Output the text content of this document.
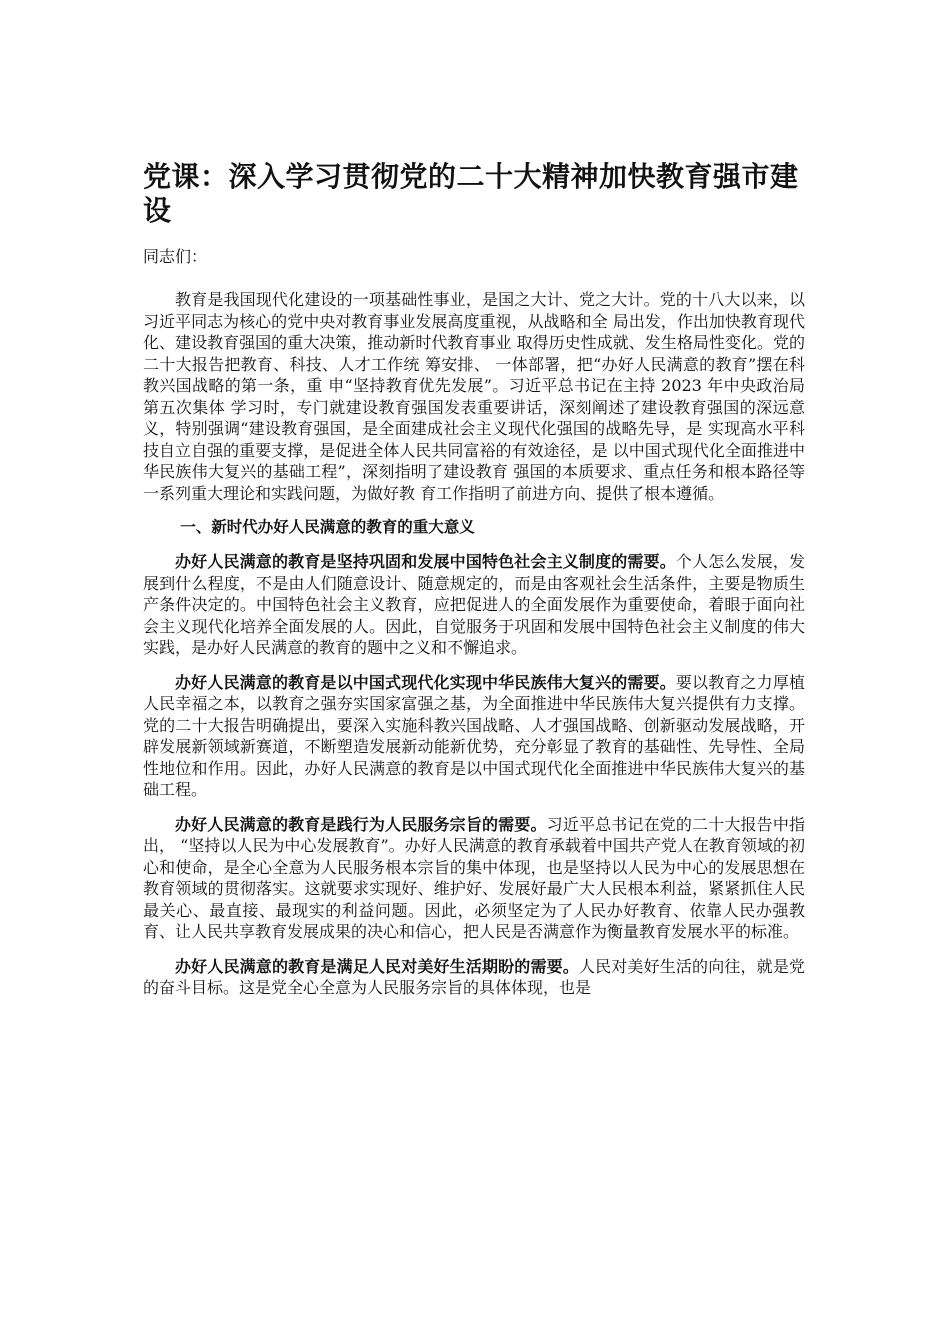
党课：深入学习贯彻党的二十大精神加快教育强市建设
同志们：

教育是我国现代化建设的一项基础性事业，是国之大计、党之大计。党的十八大以来，以习近平同志为核心的党中央对教育事业发展高度重视，从战略和全 局出发，作出加快教育现代化、建设教育强国的重大决策，推动新时代教育事业 取得历史性成就、发生格局性变化。党的二十大报告把教育、科技、人才工作统 筹安排、 一体部署，把“办好人民满意的教育”摆在科教兴国战略的第一条，重 申“坚持教育优先发展”。习近平总书记在主持 2023 年中央政治局第五次集体 学习时，专门就建设教育强国发表重要讲话，深刻阐述了建设教育强国的深远意 义，特别强调“建设教育强国，是全面建成社会主义现代化强国的战略先导，是 实现高水平科技自立自强的重要支撑，是促进全体人民共同富裕的有效途径，是 以中国式现代化全面推进中华民族伟大复兴的基础工程”，深刻指明了建设教育 强国的本质要求、重点任务和根本路径等一系列重大理论和实践问题，为做好教 育工作指明了前进方向、提供了根本遵循。

一、新时代办好人民满意的教育的重大意义

办好人民满意的教育是坚持巩固和发展中国特色社会主义制度的需要。个人怎么发展，发展到什么程度，不是由人们随意设计、随意规定的，而是由客观社会生活条件，主要是物质生产条件决定的。中国特色社会主义教育，应把促进人的全面发展作为重要使命，着眼于面向社会主义现代化培养全面发展的人。因此，自觉服务于巩固和发展中国特色社会主义制度的伟大实践，是办好人民满意的教育的题中之义和不懈追求。

办好人民满意的教育是以中国式现代化实现中华民族伟大复兴的需要。要以教育之力厚植人民幸福之本，以教育之强夯实国家富强之基，为全面推进中华民族伟大复兴提供有力支撑。党的二十大报告明确提出，要深入实施科教兴国战略、人才强国战略、创新驱动发展战略，开辟发展新领域新赛道，不断塑造发展新动能新优势，充分彰显了教育的基础性、先导性、全局性地位和作用。因此，办好人民满意的教育是以中国式现代化全面推进中华民族伟大复兴的基础工程。

办好人民满意的教育是践行为人民服务宗旨的需要。习近平总书记在党的二十大报告中指出， “坚持以人民为中心发展教育”。办好人民满意的教育承载着中国共产党人在教育领域的初心和使命，是全心全意为人民服务根本宗旨的集中体现，也是坚持以人民为中心的发展思想在教育领域的贯彻落实。这就要求实现好、维护好、发展好最广大人民根本利益，紧紧抓住人民最关心、最直接、最现实的利益问题。因此，必须坚定为了人民办好教育、依靠人民办强教育、让人民共享教育发展成果的决心和信心，把人民是否满意作为衡量教育发展水平的标准。

办好人民满意的教育是满足人民对美好生活期盼的需要。人民对美好生活的向往，就是党的奋斗目标。这是党全心全意为人民服务宗旨的具体体现，也是
